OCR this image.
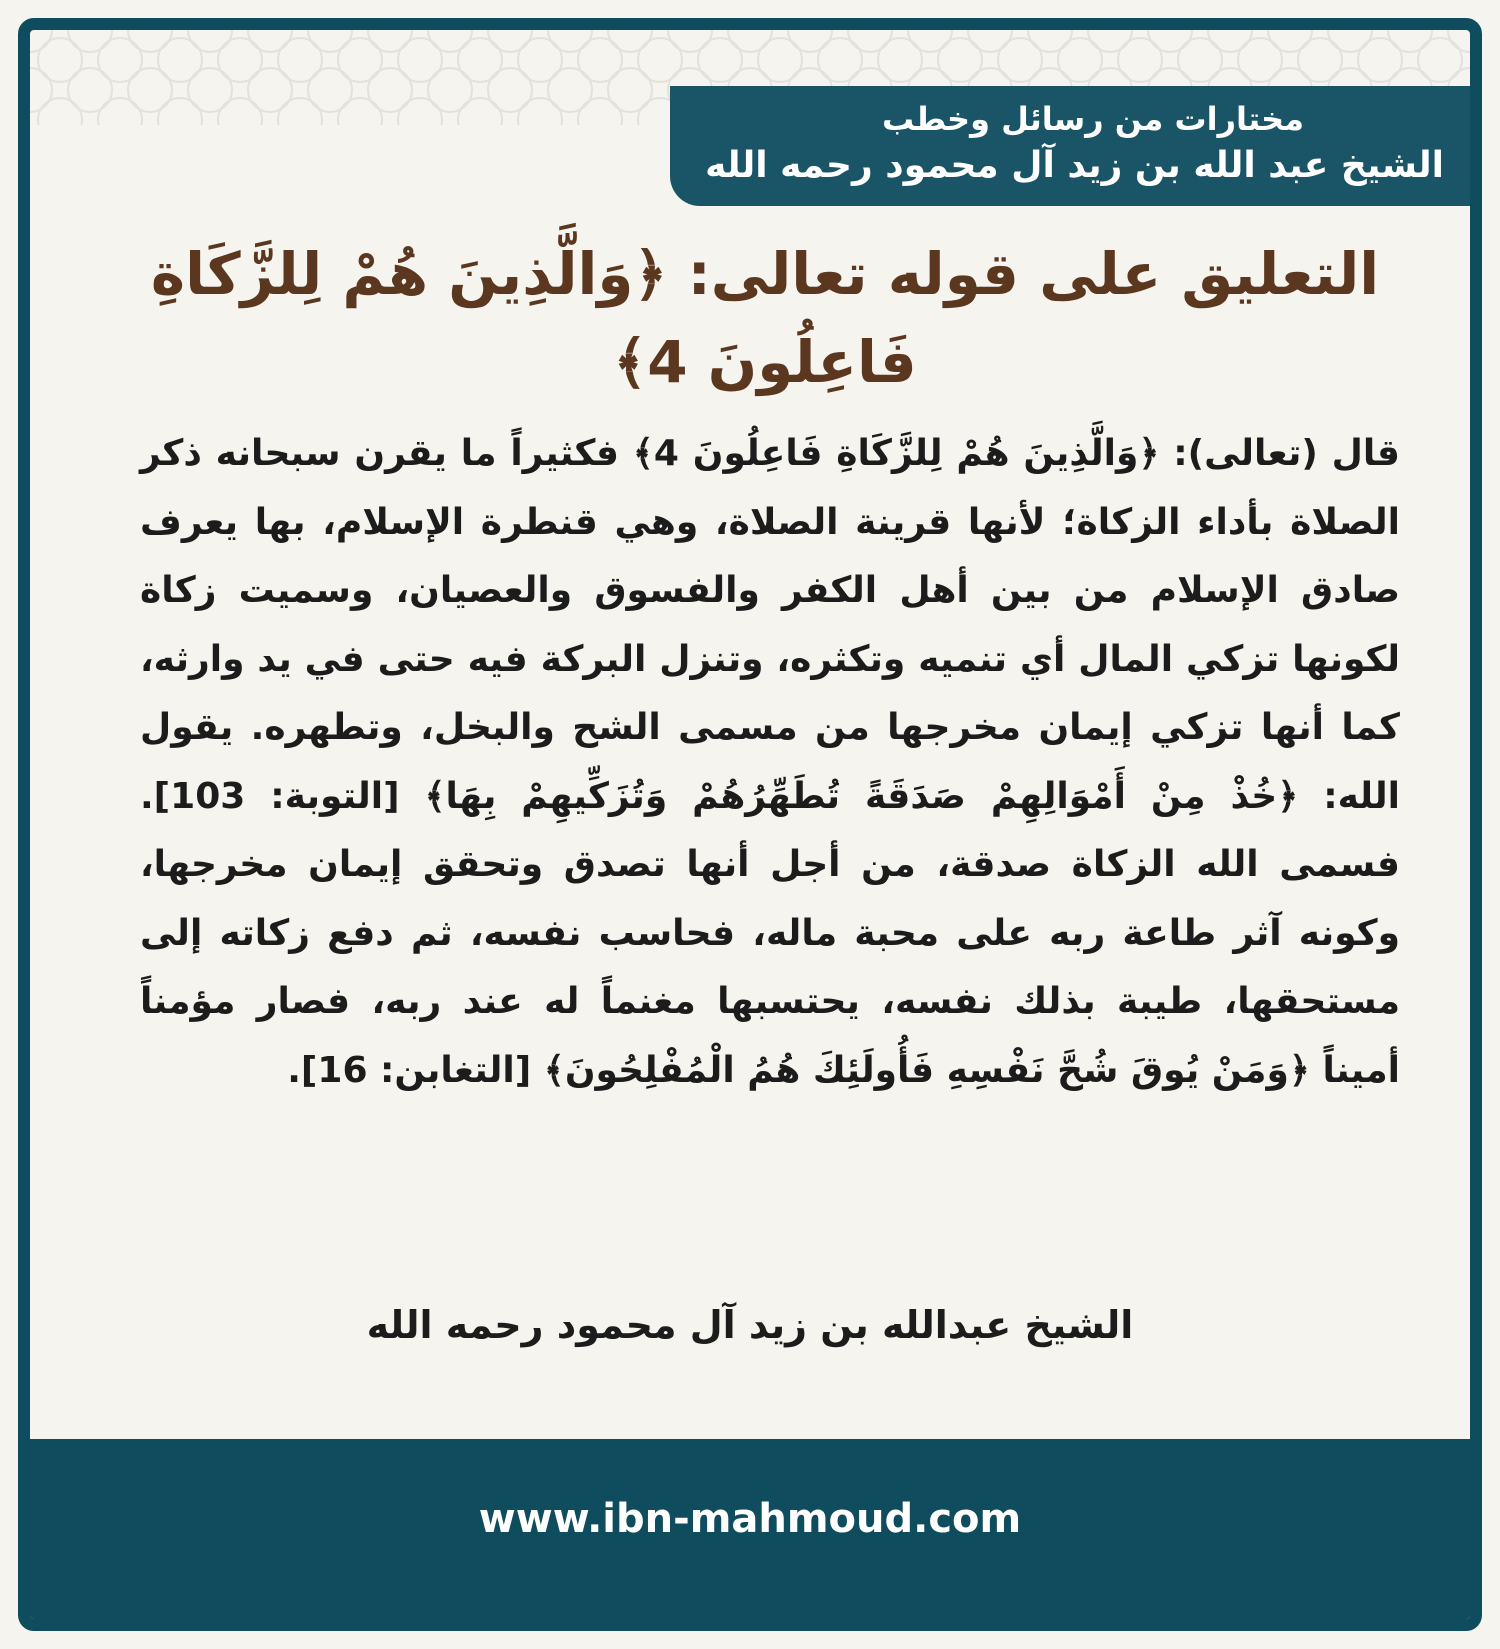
مختارات من رسائل وخطب
الشيخ عبد الله بن زيد آل محمود رحمه الله
التعليق على قوله تعالى: ﴿وَالَّذِينَ هُمْ لِلزَّكَاةِ فَاعِلُونَ 4﴾
قال (تعالى): ﴿وَالَّذِينَ هُمْ لِلزَّكَاةِ فَاعِلُونَ 4﴾ فكثيراً ما يقرن سبحانه ذكر الصلاة بأداء الزكاة؛ لأنها قرينة الصلاة، وهي قنطرة الإسلام، بها يعرف صادق الإسلام من بين أهل الكفر والفسوق والعصيان، وسميت زكاة لكونها تزكي المال أي تنميه وتكثره، وتنزل البركة فيه حتى في يد وارثه، كما أنها تزكي إيمان مخرجها من مسمى الشح والبخل، وتطهره. يقول الله: ﴿خُذْ مِنْ أَمْوَالِهِمْ صَدَقَةً تُطَهِّرُهُمْ وَتُزَكِّيهِمْ بِهَا﴾ [التوبة: 103]. فسمى الله الزكاة صدقة، من أجل أنها تصدق وتحقق إيمان مخرجها، وكونه آثر طاعة ربه على محبة ماله، فحاسب نفسه، ثم دفع زكاته إلى مستحقها، طيبة بذلك نفسه، يحتسبها مغنماً له عند ربه، فصار مؤمناً أميناً ﴿وَمَنْ يُوقَ شُحَّ نَفْسِهِ فَأُولَئِكَ هُمُ الْمُفْلِحُونَ﴾ [التغابن: 16].
الشيخ عبدالله بن زيد آل محمود رحمه الله
www.ibn-mahmoud.com
